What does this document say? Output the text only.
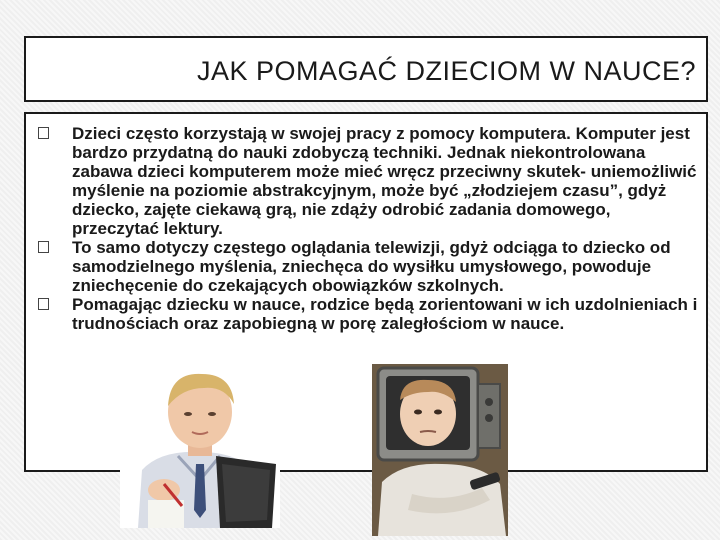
JAK POMAGAĆ DZIECIOM W NAUCE?
Dzieci często korzystają w swojej pracy z pomocy komputera. Komputer jest bardzo przydatną do nauki zdobyczą techniki. Jednak niekontrolowana zabawa dzieci komputerem może mieć wręcz przeciwny skutek- uniemożliwić myślenie na poziomie abstrakcyjnym, może być „złodziejem czasu”, gdyż dziecko, zajęte ciekawą grą, nie zdąży odrobić zadania domowego, przeczytać lektury.
To samo dotyczy częstego oglądania telewizji, gdyż odciąga to dziecko od samodzielnego myślenia, zniechęca do wysiłku umysłowego, powoduje zniechęcenie do czekających obowiązków szkolnych.
Pomagając dziecku w nauce, rodzice będą zorientowani w ich uzdolnieniach i trudnościach oraz zapobiegną w porę zaległościom w nauce.
